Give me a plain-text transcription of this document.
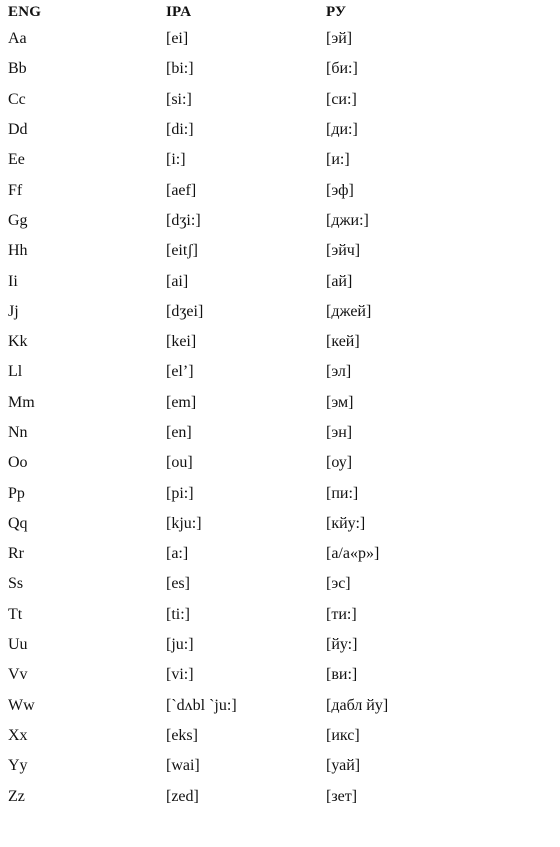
ENG	IPA	РУ
Aa	[ei]	[эй]
Bb	[bi:]	[би:]
Cc	[si:]	[си:]
Dd	[di:]	[ди:]
Ee	[i:]	[и:]
Ff	[aef]	[эф]
Gg	[dʒi:]	[джи:]
Hh	[eitʃ]	[эйч]
Ii	[ai]	[ай]
Jj	[dʒei]	[джей]
Kk	[kei]	[кей]
Ll	[el’]	[эл]
Mm	[em]	[эм]
Nn	[en]	[эн]
Oo	[ou]	[оу]
Pp	[pi:]	[пи:]
Qq	[kju:]	[кйу:]
Rr	[a:]	[а/а«р»]
Ss	[es]	[эс]
Tt	[ti:]	[ти:]
Uu	[ju:]	[йу:]
Vv	[vi:]	[ви:]
Ww	[`dʌbl `ju:]	[дабл йу]
Xx	[eks]	[икс]
Yy	[wai]	[уай]
Zz	[zed]	[зет]
